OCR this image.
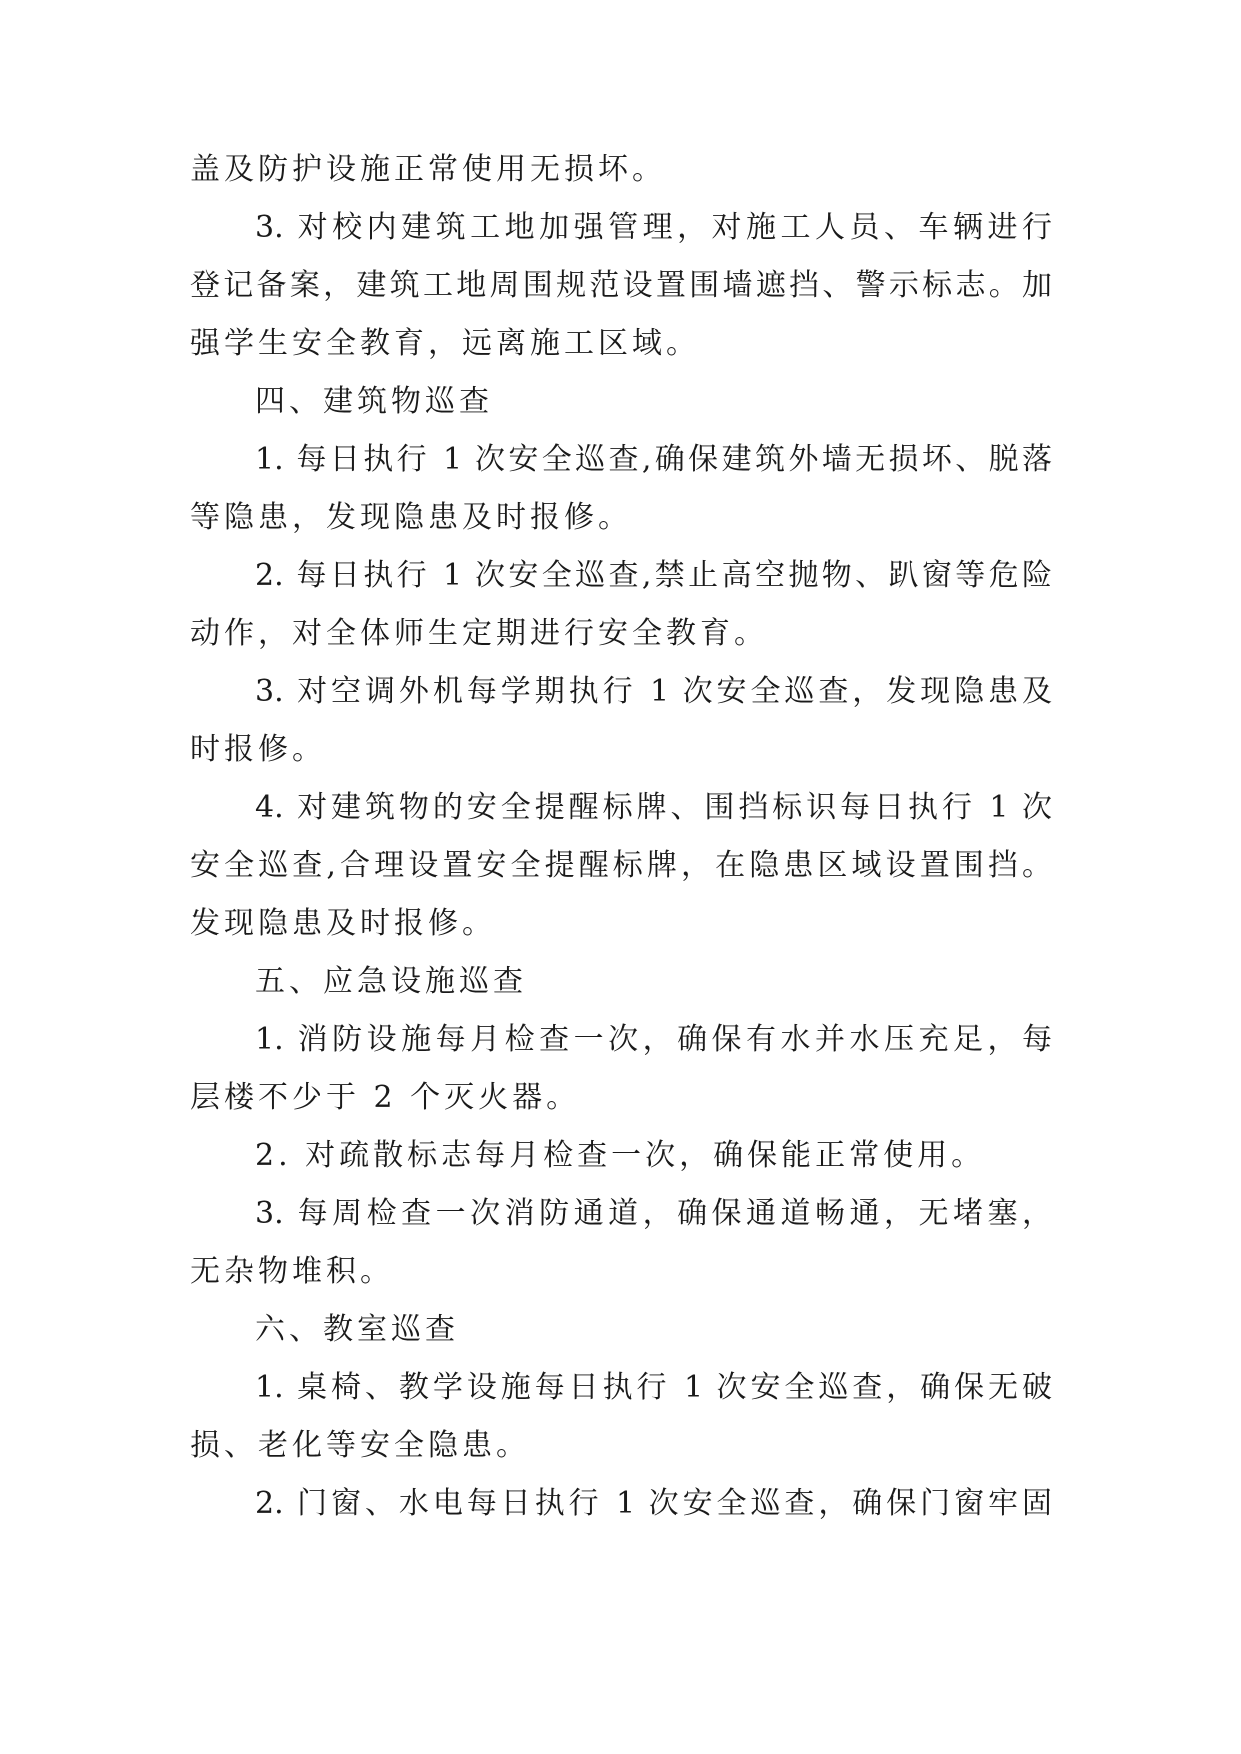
盖及防护设施正常使用无损坏。
3. 对校内建筑工地加强管理，对施工人员、车辆进行
登记备案，建筑工地周围规范设置围墙遮挡、警示标志。加
强学生安全教育，远离施工区域。
四、建筑物巡查
1. 每日执行 1 次安全巡查,确保建筑外墙无损坏、脱落
等隐患，发现隐患及时报修。
2. 每日执行 1 次安全巡查,禁止高空抛物、趴窗等危险
动作，对全体师生定期进行安全教育。
3. 对空调外机每学期执行 1 次安全巡查，发现隐患及
时报修。
4. 对建筑物的安全提醒标牌、围挡标识每日执行 1 次
安全巡查,合理设置安全提醒标牌，在隐患区域设置围挡。
发现隐患及时报修。
五、应急设施巡查
1. 消防设施每月检查一次，确保有水并水压充足，每
层楼不少于 2 个灭火器。
2. 对疏散标志每月检查一次，确保能正常使用。
3. 每周检查一次消防通道，确保通道畅通，无堵塞，
无杂物堆积。
六、教室巡查
1. 桌椅、教学设施每日执行 1 次安全巡查，确保无破
损、老化等安全隐患。
2. 门窗、水电每日执行 1 次安全巡查，确保门窗牢固
